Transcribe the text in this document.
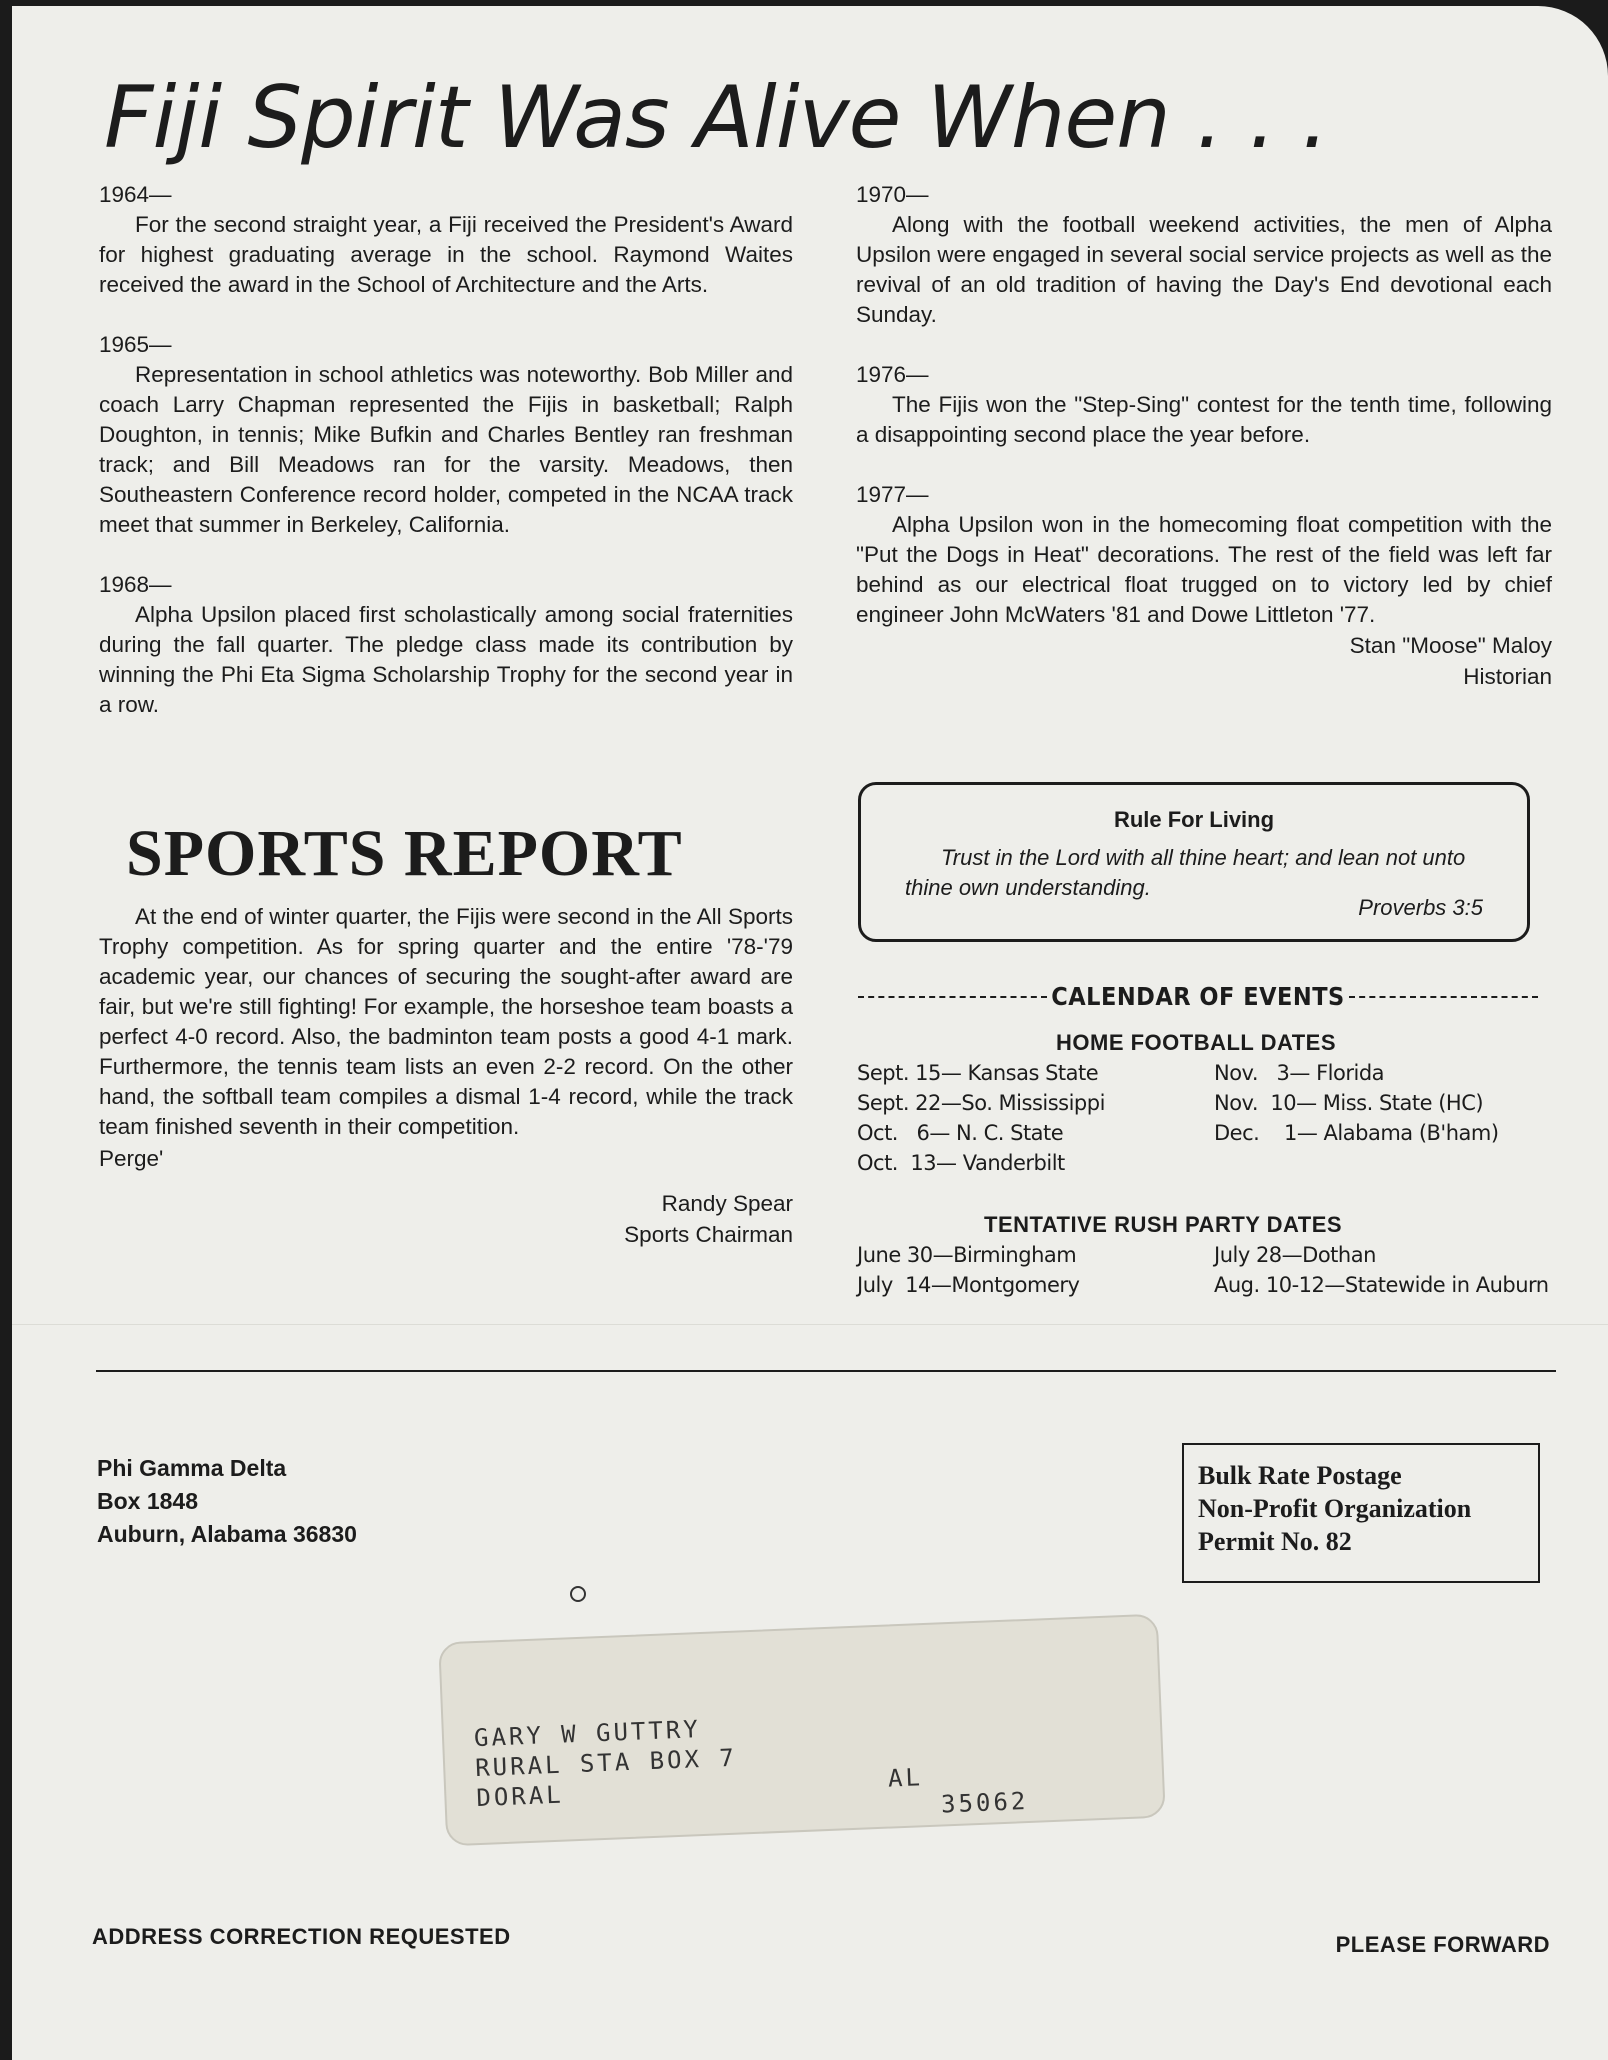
Fiji Spirit Was Alive When . . .
1964—

For the second straight year, a Fiji received the President's Award for highest graduating average in the school. Raymond Waites received the award in the School of Architecture and the Arts.

1965—

Representation in school athletics was noteworthy. Bob Miller and coach Larry Chapman represented the Fijis in basketball; Ralph Doughton, in tennis; Mike Bufkin and Charles Bentley ran freshman track; and Bill Meadows ran for the varsity. Meadows, then Southeastern Conference record holder, competed in the NCAA track meet that summer in Berkeley, California.

1968—

Alpha Upsilon placed first scholastically among social fraternities during the fall quarter. The pledge class made its contribution by winning the Phi Eta Sigma Scholarship Trophy for the second year in a row.

1970—

Along with the football weekend activities, the men of Alpha Upsilon were engaged in several social service projects as well as the revival of an old tradition of having the Day's End devotional each Sunday.

1976—

The Fijis won the "Step-Sing" contest for the tenth time, following a disappointing second place the year before.

1977—

Alpha Upsilon won in the homecoming float competition with the "Put the Dogs in Heat" decorations. The rest of the field was left far behind as our electrical float trugged on to victory led by chief engineer John McWaters '81 and Dowe Littleton '77.

Stan "Moose" Maloy
Historian
SPORTS REPORT

At the end of winter quarter, the Fijis were second in the All Sports Trophy competition. As for spring quarter and the entire '78-'79 academic year, our chances of securing the sought-after award are fair, but we're still fighting! For example, the horseshoe team boasts a perfect 4-0 record. Also, the badminton team posts a good 4-1 mark. Furthermore, the tennis team lists an even 2-2 record. On the other hand, the softball team compiles a dismal 1-4 record, while the track team finished seventh in their competition.

Perge'
Randy Spear
Sports Chairman
Rule For Living
Trust in the Lord with all thine heart; and lean not unto thine own understanding.
Proverbs 3:5
CALENDAR OF EVENTS
HOME FOOTBALL DATES
Sept. 15— Kansas State
Sept. 22—So. Mississippi
Oct.   6— N. C. State
Oct.  13— Vanderbilt
Nov.   3— Florida
Nov.  10— Miss. State (HC)
Dec.    1— Alabama (B'ham)
TENTATIVE RUSH PARTY DATES
June 30—Birmingham
July  14—Montgomery
July 28—Dothan
Aug. 10-12—Statewide in Auburn
Phi Gamma Delta
Box 1848
Auburn, Alabama 36830
Bulk Rate Postage
Non-Profit Organization
Permit No. 82
GARY W GUTTRY
RURAL STA BOX 7
DORAL
AL
35062
ADDRESS CORRECTION REQUESTED	PLEASE FORWARD
